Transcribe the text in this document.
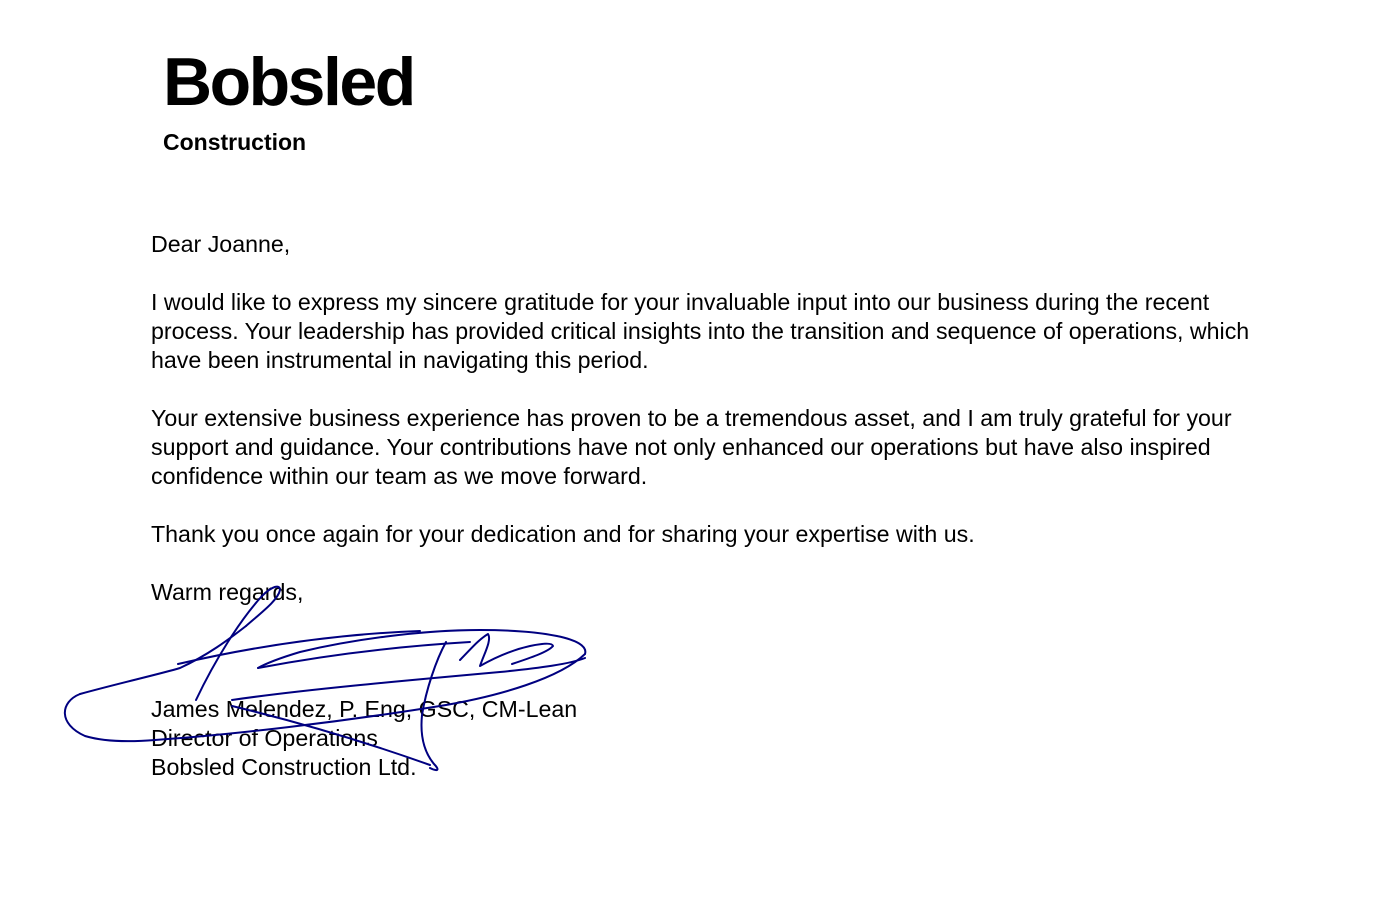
Bobsled
Construction

Dear Joanne,

I would like to express my sincere gratitude for your invaluable input into our business during the recent process. Your leadership has provided critical insights into the transition and sequence of operations, which have been instrumental in navigating this period.

Your extensive business experience has proven to be a tremendous asset, and I am truly grateful for your support and guidance. Your contributions have not only enhanced our operations but have also inspired confidence within our team as we move forward.

Thank you once again for your dedication and for sharing your expertise with us.

Warm regards,

James Melendez, P. Eng, GSC, CM-Lean
Director of Operations
Bobsled Construction Ltd.
